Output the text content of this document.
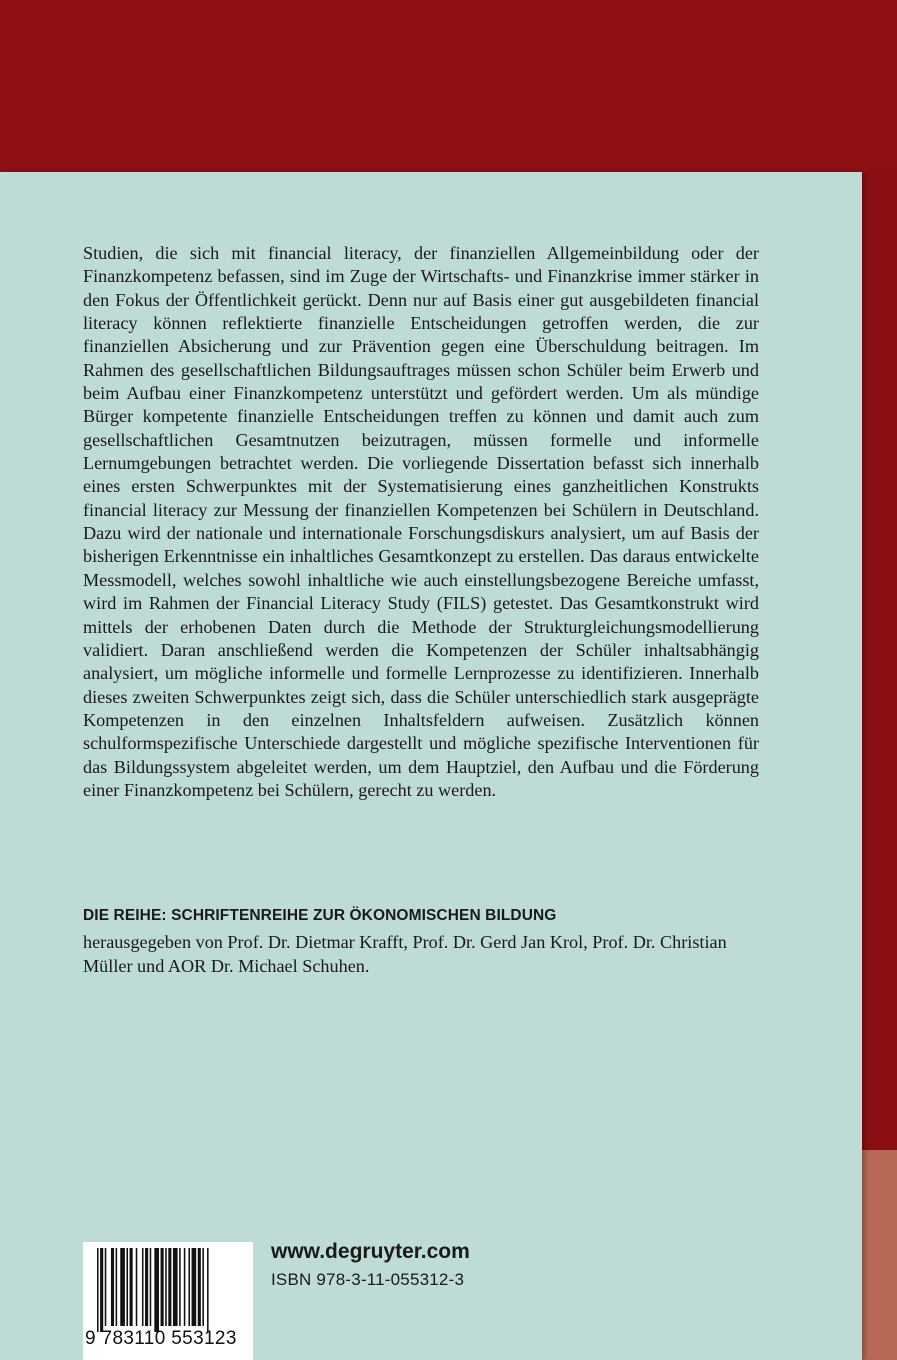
Studien, die sich mit financial literacy, der finanziellen Allgemeinbildung oder der Finanzkompetenz befassen, sind im Zuge der Wirtschafts- und Finanzkrise immer stärker in den Fokus der Öffentlichkeit gerückt. Denn nur auf Basis einer gut ausgebildeten financial literacy können reflektierte finanzielle Entscheidungen getroffen werden, die zur finanziellen Absicherung und zur Prävention gegen eine Überschuldung beitragen. Im Rahmen des gesellschaftlichen Bildungsauftrages müssen schon Schüler beim Erwerb und beim Aufbau einer Finanzkompetenz unterstützt und gefördert werden. Um als mündige Bürger kompetente finanzielle Entscheidungen treffen zu können und damit auch zum gesellschaftlichen Gesamtnutzen beizutragen, müssen formelle und informelle Lernumgebungen betrachtet werden. Die vorliegende Dissertation befasst sich innerhalb eines ersten Schwerpunktes mit der Systematisierung eines ganzheitlichen Konstrukts financial literacy zur Messung der finanziellen Kompetenzen bei Schülern in Deutschland. Dazu wird der nationale und internationale Forschungsdiskurs analysiert, um auf Basis der bisherigen Erkenntnisse ein inhaltliches Gesamtkonzept zu erstellen. Das daraus entwickelte Messmodell, welches sowohl inhaltliche wie auch einstellungsbezogene Bereiche umfasst, wird im Rahmen der Financial Literacy Study (FILS) getestet. Das Gesamtkonstrukt wird mittels der erhobenen Daten durch die Methode der Strukturgleichungsmodellierung validiert. Daran anschließend werden die Kompetenzen der Schüler inhaltsabhängig analysiert, um mögliche informelle und formelle Lernprozesse zu identifizieren. Innerhalb dieses zweiten Schwerpunktes zeigt sich, dass die Schüler unterschiedlich stark ausgeprägte Kompetenzen in den einzelnen Inhaltsfeldern aufweisen. Zusätzlich können schulformspezifische Unterschiede dargestellt und mögliche spezifische Interventionen für das Bildungssystem abgeleitet werden, um dem Hauptziel, den Aufbau und die Förderung einer Finanzkompetenz bei Schülern, gerecht zu werden.

DIE REIHE: SCHRIFTENREIHE ZUR ÖKONOMISCHEN BILDUNG
herausgegeben von Prof. Dr. Dietmar Krafft, Prof. Dr. Gerd Jan Krol, Prof. Dr. Christian Müller und AOR Dr. Michael Schuhen.
9 783110 553123
www.degruyter.com
ISBN 978-3-11-055312-3
